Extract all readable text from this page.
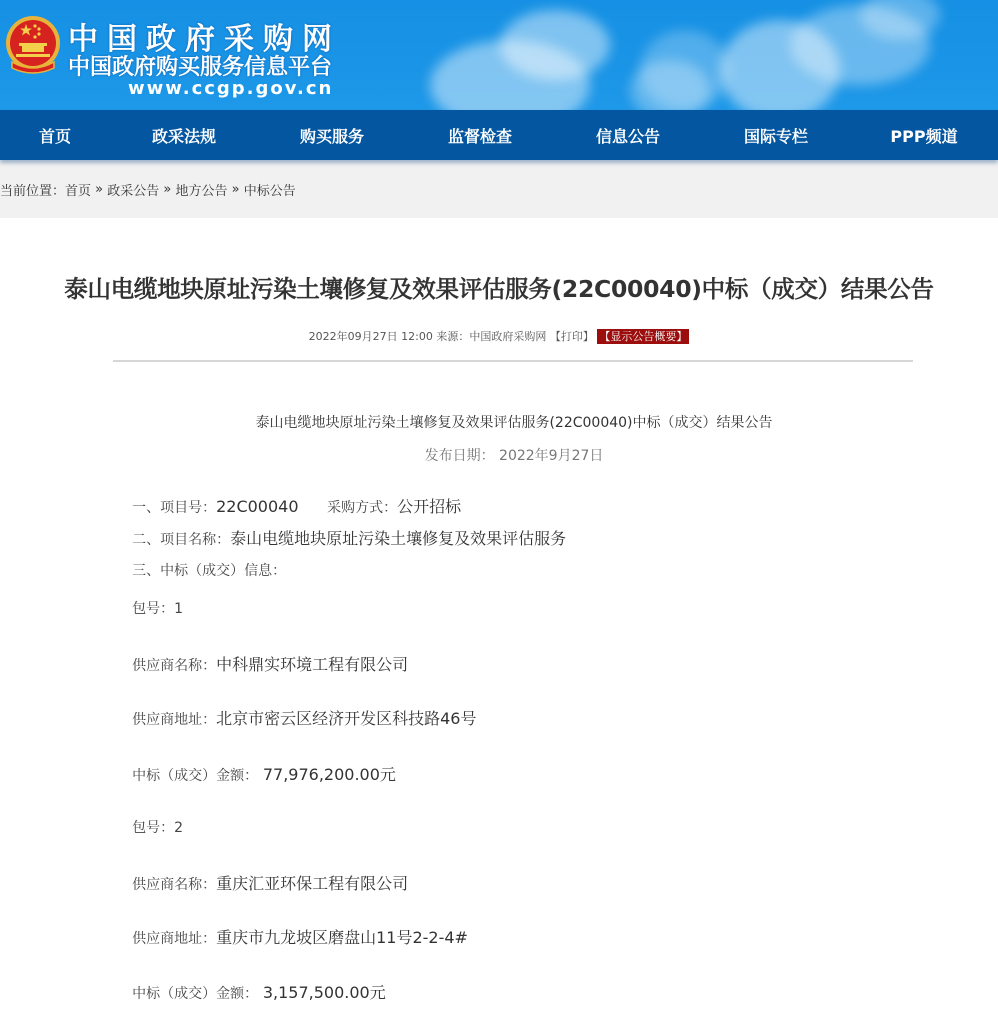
中国政府采购网
中国政府购买服务信息平台
www.ccgp.gov.cn
首页	政采法规	购买服务	监督检查	信息公告	国际专栏	PPP频道
当前位置： 首页 » 政采公告 » 地方公告 » 中标公告
泰山电缆地块原址污染土壤修复及效果评估服务(22C00040)中标（成交）结果公告
2022年09月27日 12:00 来源：中国政府采购网 【打印】 【显示公告概要】
泰山电缆地块原址污染土壤修复及效果评估服务(22C00040)中标（成交）结果公告
发布日期： 2022年9月27日

一、项目号：22C00040 采购方式：公开招标

二、项目名称：泰山电缆地块原址污染土壤修复及效果评估服务

三、中标（成交）信息：

包号：1

供应商名称：中科鼎实环境工程有限公司

供应商地址：北京市密云区经济开发区科技路46号

中标（成交）金额： 77,976,200.00元

包号：2

供应商名称：重庆汇亚环保工程有限公司

供应商地址：重庆市九龙坡区磨盘山11号2-2-4#

中标（成交）金额： 3,157,500.00元
